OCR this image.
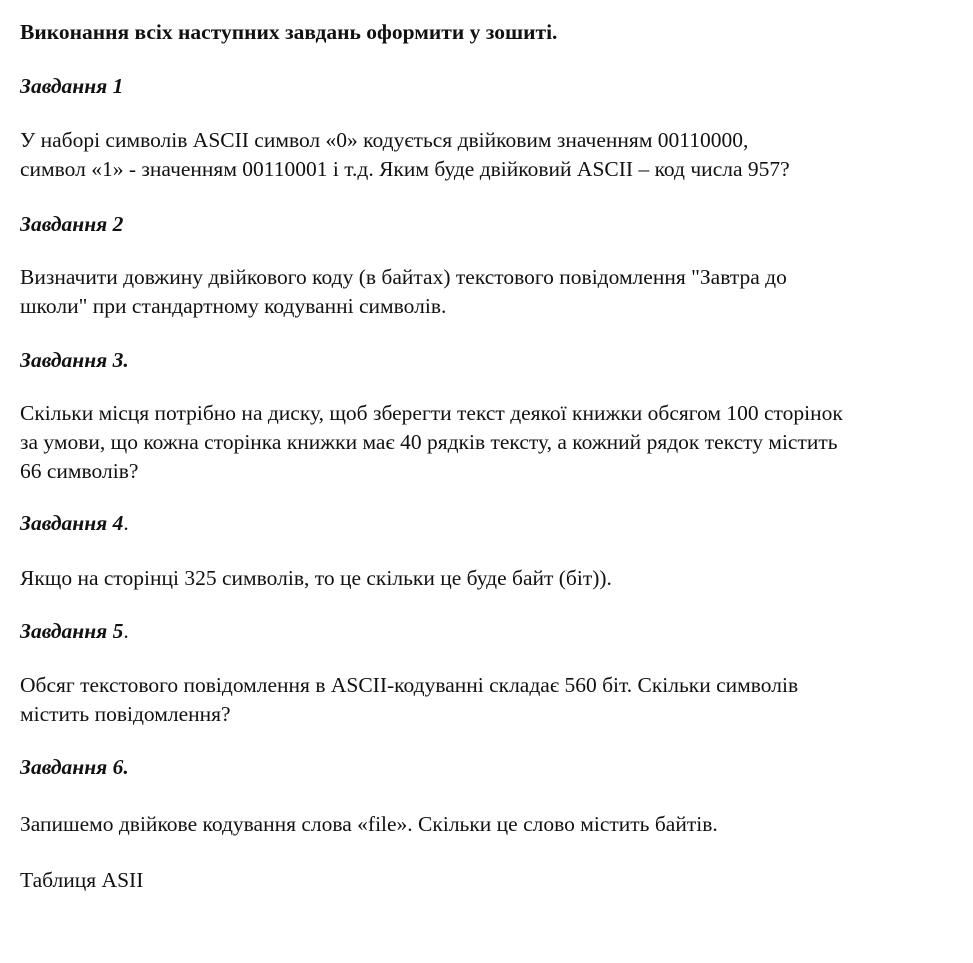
Виконання всіх наступних завдань оформити у зошиті.
Завдання 1
У наборі символів ASCII символ «0» кодується двійковим значенням 00110000,
символ «1» - значенням 00110001 і т.д. Яким буде двійковий ASCII – код числа 957?
Завдання 2
Визначити довжину двійкового коду (в байтах) текстового повідомлення "Завтра до
школи" при стандартному кодуванні символів.
Завдання 3.
Скільки місця потрібно на диску, щоб зберегти текст деякої книжки обсягом 100 сторінок
за умови, що кожна сторінка книжки має 40 рядків тексту, а кожний рядок тексту містить
66 символів?
Завдання 4.
Якщо на сторінці 325 символів, то це скільки це буде байт (біт)).
Завдання 5.
Обсяг текстового повідомлення в ASCII-кодуванні складає 560 біт. Скільки символів
містить повідомлення?
Завдання 6.
Запишемо двійкове кодування слова «file». Скільки це слово містить байтів.
Таблиця ASII
